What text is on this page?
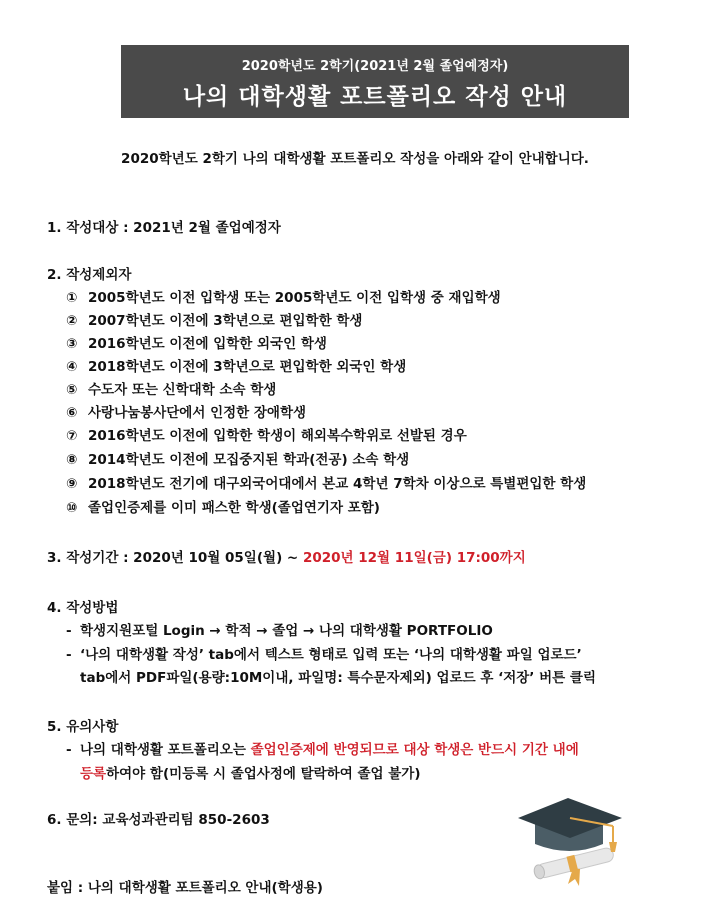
2020학년도 2학기(2021년 2월 졸업예정자)
나의 대학생활 포트폴리오 작성 안내
2020학년도 2학기 나의 대학생활 포트폴리오 작성을 아래와 같이 안내합니다.
1. 작성대상 : 2021년 2월 졸업예정자
2. 작성제외자
① 2005학년도 이전 입학생 또는 2005학년도 이전 입학생 중 재입학생
② 2007학년도 이전에 3학년으로 편입학한 학생
③ 2016학년도 이전에 입학한 외국인 학생
④ 2018학년도 이전에 3학년으로 편입학한 외국인 학생
⑤ 수도자 또는 신학대학 소속 학생
⑥ 사랑나눔봉사단에서 인정한 장애학생
⑦ 2016학년도 이전에 입학한 학생이 해외복수학위로 선발된 경우
⑧ 2014학년도 이전에 모집중지된 학과(전공) 소속 학생
⑨ 2018학년도 전기에 대구외국어대에서 본교 4학년 7학차 이상으로 특별편입한 학생
⑩ 졸업인증제를 이미 패스한 학생(졸업연기자 포함)
3. 작성기간 : 2020년 10월 05일(월) ~ 2020년 12월 11일(금) 17:00까지
4. 작성방법
- 학생지원포털 Login → 학적 → 졸업 → 나의 대학생활 PORTFOLIO
- ‘나의 대학생활 작성’ tab에서 텍스트 형태로 입력 또는 ‘나의 대학생활 파일 업로드’
tab에서 PDF파일(용량:10M이내, 파일명: 특수문자제외) 업로드 후 ‘저장’ 버튼 클릭
5. 유의사항
- 나의 대학생활 포트폴리오는 졸업인증제에 반영되므로 대상 학생은 반드시 기간 내에
등록하여야 함(미등록 시 졸업사정에 탈락하여 졸업 불가)
6. 문의: 교육성과관리팀 850-2603
붙임 : 나의 대학생활 포트폴리오 안내(학생용)
